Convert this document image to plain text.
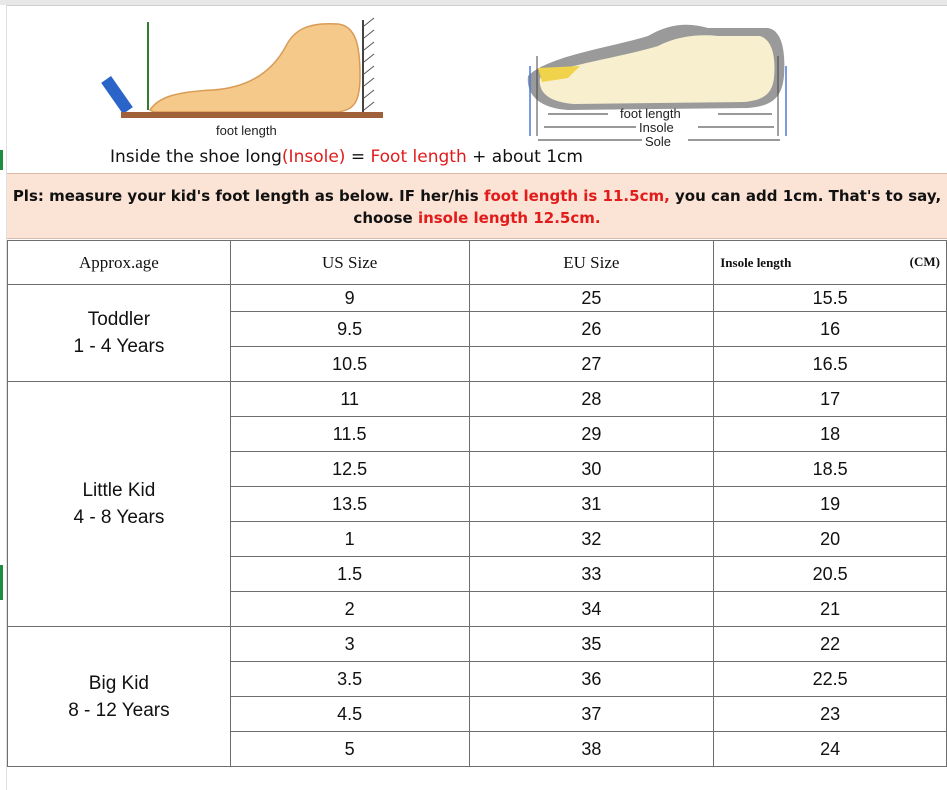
foot length
foot length
Insole
Sole
Inside the shoe long(Insole) = Foot length + about 1cm
Pls: measure your kid's foot length as below. IF her/his foot length is 11.5cm, you can add 1cm. That's to say, choose insole length 12.5cm.
Approx.age	US Size	EU Size	Insole length (CM)

Toddler
1 - 4 Years	9	25	15.5
	9.5	26	16
	10.5	27	16.5
Little Kid
4 - 8 Years	11	28	17
	11.5	29	18
	12.5	30	18.5
	13.5	31	19
	1	32	20
	1.5	33	20.5
	2	34	21
Big Kid
8 - 12 Years	3	35	22
	3.5	36	22.5
	4.5	37	23
	5	38	24
